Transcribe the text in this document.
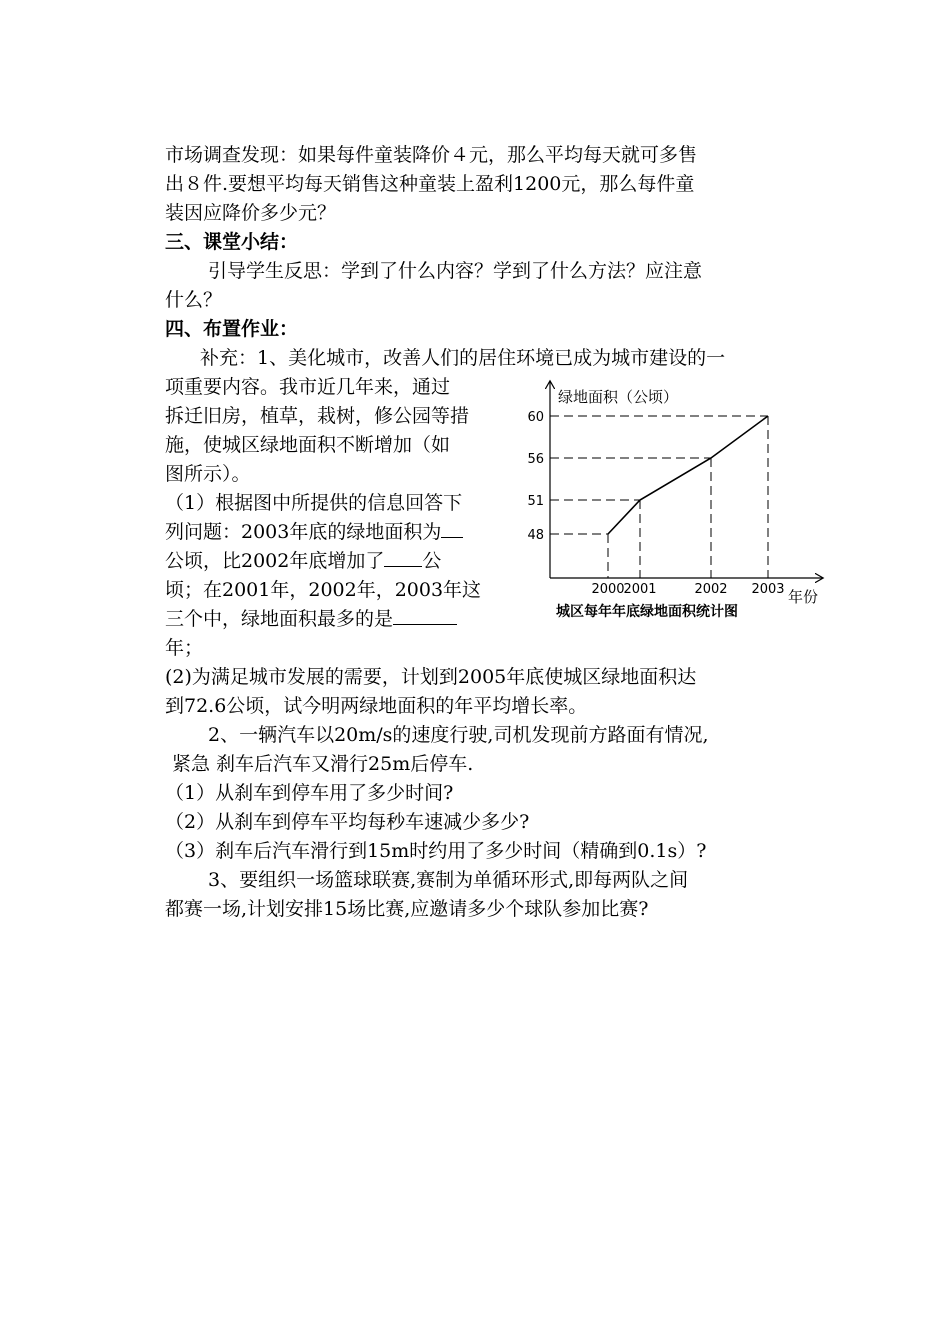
市场调查发现：如果每件童装降价４元，那么平均每天就可多售
出８件.要想平均每天销售这种童装上盈利1200元，那么每件童
装因应降价多少元？
三、课堂小结：
引导学生反思：学到了什么内容？学到了什么方法？应注意
什么？
四、布置作业：
补充：1、美化城市，改善人们的居住环境已成为城市建设的一
项重要内容。我市近几年来，通过
拆迁旧房，植草，栽树，修公园等措
施，使城区绿地面积不断增加（如
图所示）。
（1）根据图中所提供的信息回答下
列问题：2003年底的绿地面积为
公顷，比2002年底增加了 公
顷；在2001年，2002年，2003年这
三个中，绿地面积最多的是
年；
(2)为满足城市发展的需要，计划到2005年底使城区绿地面积达
到72.6公顷，试今明两绿地面积的年平均增长率。
2、一辆汽车以20m/s的速度行驶,司机发现前方路面有情况,
紧急 刹车后汽车又滑行25m后停车.
（1）从刹车到停车用了多少时间?
（2）从刹车到停车平均每秒车速减少多少?
（3）刹车后汽车滑行到15m时约用了多少时间（精确到0.1s）?
3、要组织一场篮球联赛,赛制为单循环形式,即每两队之间
都赛一场,计划安排15场比赛,应邀请多少个球队参加比赛?
绿地面积（公顷）
年份
城区每年年底绿地面积统计图
48
51
56
60
2000
2001	2002 2003
